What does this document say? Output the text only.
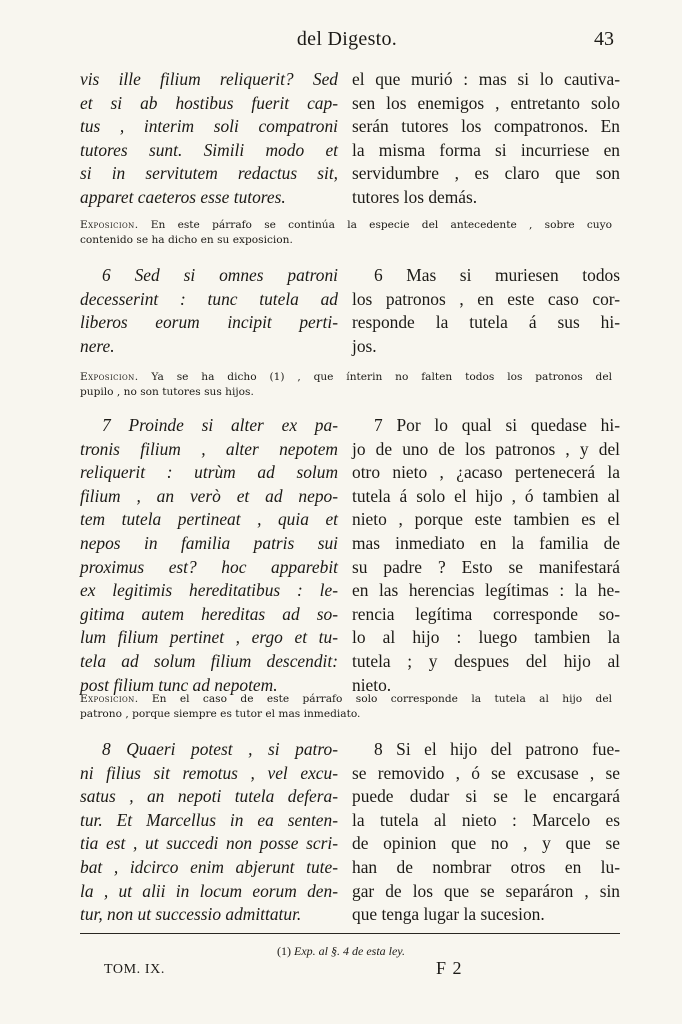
del Digesto.	43
vis ille filium reliquerit? Sed
et si ab hostibus fuerit cap-
tus , interim soli compatroni
tutores sunt. Simili modo et
si in servitutem redactus sit,
apparet caeteros esse tutores.
el que murió : mas si lo cautiva-
sen los enemigos , entretanto solo
serán tutores los compatronos. En
la misma forma si incurriese en
servidumbre , es claro que son
tutores los demás.
Exposicion. En este párrafo se continúa la especie del antecedente , sobre cuyo
contenido se ha dicho en su exposicion.
6 Sed si omnes patroni
decesserint : tunc tutela ad
liberos eorum incipit perti-
nere.
6 Mas si muriesen todos
los patronos , en este caso cor-
responde la tutela á sus hi-
jos.
Exposicion. Ya se ha dicho (1) , que ínterin no falten todos los patronos del
pupilo , no son tutores sus hijos.
7 Proinde si alter ex pa-
tronis filium , alter nepotem
reliquerit : utrùm ad solum
filium , an verò et ad nepo-
tem tutela pertineat , quia et
nepos in familia patris sui
proximus est? hoc apparebit
ex legitimis hereditatibus : le-
gitima autem hereditas ad so-
lum filium pertinet , ergo et tu-
tela ad solum filium descendit:
post filium tunc ad nepotem.
7 Por lo qual si quedase hi-
jo de uno de los patronos , y del
otro nieto , ¿acaso pertenecerá la
tutela á solo el hijo , ó tambien al
nieto , porque este tambien es el
mas inmediato en la familia de
su padre ? Esto se manifestará
en las herencias legítimas : la he-
rencia legítima corresponde so-
lo al hijo : luego tambien la
tutela ; y despues del hijo al
nieto.
Exposicion. En el caso de este párrafo solo corresponde la tutela al hijo del
patrono , porque siempre es tutor el mas inmediato.
8 Quaeri potest , si patro-
ni filius sit remotus , vel excu-
satus , an nepoti tutela defera-
tur. Et Marcellus in ea senten-
tia est , ut succedi non posse scri-
bat , idcirco enim abjerunt tute-
la , ut alii in locum eorum den-
tur, non ut successio admittatur.
8 Si el hijo del patrono fue-
se removido , ó se excusase , se
puede dudar si se le encargará
la tutela al nieto : Marcelo es
de opinion que no , y que se
han de nombrar otros en lu-
gar de los que se separáron , sin
que tenga lugar la sucesion.
(1) Exp. al §. 4 de esta ley.
TOM. IX.	F 2
